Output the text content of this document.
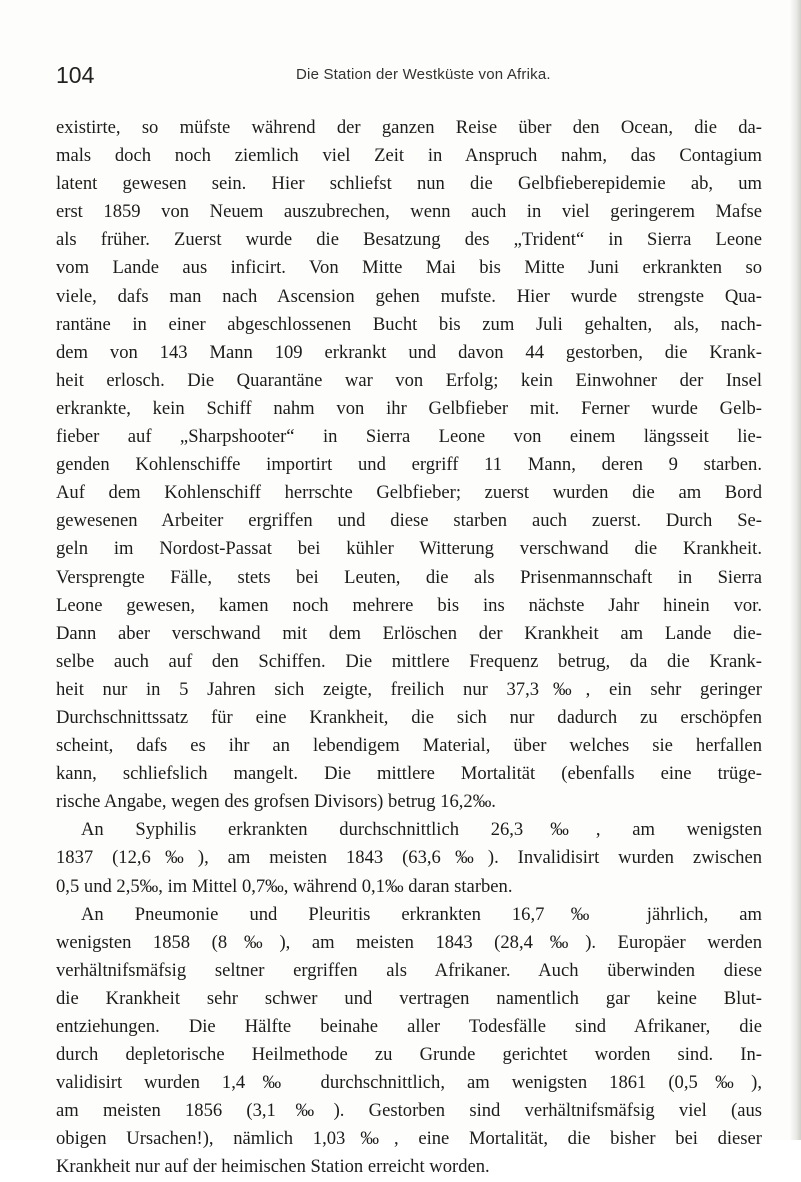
104	Die Station der Westküste von Afrika.
existirte, so müfste während der ganzen Reise über den Ocean, die da-
mals doch noch ziemlich viel Zeit in Anspruch nahm, das Contagium
latent gewesen sein. Hier schliefst nun die Gelbfieberepidemie ab, um
erst 1859 von Neuem auszubrechen, wenn auch in viel geringerem Mafse
als früher. Zuerst wurde die Besatzung des „Trident“ in Sierra Leone
vom Lande aus inficirt. Von Mitte Mai bis Mitte Juni erkrankten so
viele, dafs man nach Ascension gehen mufste. Hier wurde strengste Qua-
rantäne in einer abgeschlossenen Bucht bis zum Juli gehalten, als, nach-
dem von 143 Mann 109 erkrankt und davon 44 gestorben, die Krank-
heit erlosch. Die Quarantäne war von Erfolg; kein Einwohner der Insel
erkrankte, kein Schiff nahm von ihr Gelbfieber mit. Ferner wurde Gelb-
fieber auf „Sharpshooter“ in Sierra Leone von einem längsseit lie-
genden Kohlenschiffe importirt und ergriff 11 Mann, deren 9 starben.
Auf dem Kohlenschiff herrschte Gelbfieber; zuerst wurden die am Bord
gewesenen Arbeiter ergriffen und diese starben auch zuerst. Durch Se-
geln im Nordost-Passat bei kühler Witterung verschwand die Krankheit.
Versprengte Fälle, stets bei Leuten, die als Prisenmannschaft in Sierra
Leone gewesen, kamen noch mehrere bis ins nächste Jahr hinein vor.
Dann aber verschwand mit dem Erlöschen der Krankheit am Lande die-
selbe auch auf den Schiffen. Die mittlere Frequenz betrug, da die Krank-
heit nur in 5 Jahren sich zeigte, freilich nur 37,3‰, ein sehr geringer
Durchschnittssatz für eine Krankheit, die sich nur dadurch zu erschöpfen
scheint, dafs es ihr an lebendigem Material, über welches sie herfallen
kann, schliefslich mangelt. Die mittlere Mortalität (ebenfalls eine trüge-
rische Angabe, wegen des grofsen Divisors) betrug 16,2‰.
An Syphilis erkrankten durchschnittlich 26,3‰, am wenigsten
1837 (12,6‰), am meisten 1843 (63,6‰). Invalidisirt wurden zwischen
0,5 und 2,5‰, im Mittel 0,7‰, während 0,1‰ daran starben.
An Pneumonie und Pleuritis erkrankten 16,7‰ jährlich, am
wenigsten 1858 (8‰), am meisten 1843 (28,4‰). Europäer werden
verhältnifsmäfsig seltner ergriffen als Afrikaner. Auch überwinden diese
die Krankheit sehr schwer und vertragen namentlich gar keine Blut-
entziehungen. Die Hälfte beinahe aller Todesfälle sind Afrikaner, die
durch depletorische Heilmethode zu Grunde gerichtet worden sind. In-
validisirt wurden 1,4‰ durchschnittlich, am wenigsten 1861 (0,5‰),
am meisten 1856 (3,1‰). Gestorben sind verhältnifsmäfsig viel (aus
obigen Ursachen!), nämlich 1,03‰, eine Mortalität, die bisher bei dieser
Krankheit nur auf der heimischen Station erreicht worden.
